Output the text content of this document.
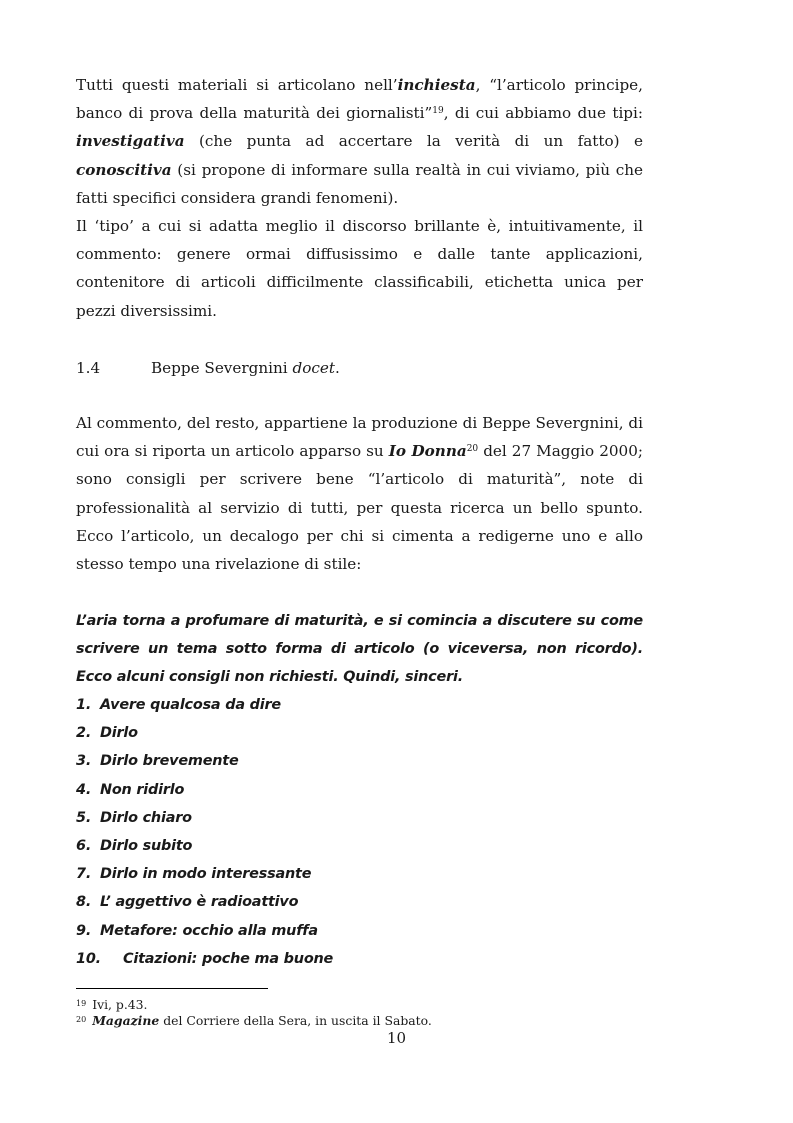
Tutti questi materiali si articolano nell’inchiesta, “l’articolo principe, banco di prova della maturità dei giornalisti”$^{19}$, di cui abbiamo due tipi: investigativa (che punta ad accertare la verità di un fatto) e conoscitiva (si propone di informare sulla realtà in cui viviamo, più che fatti specifici considera grandi fenomeni).

Il ‘tipo’ a cui si adatta meglio il discorso brillante è, intuitivamente, il commento: genere ormai diffusissimo e dalle tante applicazioni, contenitore di articoli difficilmente classificabili, etichetta unica per pezzi diversissimi.

1.4	Beppe Severgnini docet.

Al commento, del resto, appartiene la produzione di Beppe Severgnini, di cui ora si riporta un articolo apparso su Io Donna$^{20}$ del 27 Maggio 2000; sono consigli per scrivere bene “l’articolo di maturità”, note di professionalità al servizio di tutti, per questa ricerca un bello spunto. Ecco l’articolo, un decalogo per chi si cimenta a redigerne uno e allo stesso tempo una rivelazione di stile:

L’aria torna a profumare di maturità, e si comincia a discutere su come scrivere un tema sotto forma di articolo (o viceversa, non ricordo). Ecco alcuni consigli non richiesti. Quindi, sinceri.

1. Avere qualcosa da dire
2. Dirlo
3. Dirlo brevemente
4. Non ridirlo
5. Dirlo chiaro
6. Dirlo subito
7. Dirlo in modo interessante
8. L’ aggettivo è radioattivo
9. Metafore: occhio alla muffa
10.	Citazioni: poche ma buone
$^{19}$ Ivi, p.43.
$^{20}$ Magazine del Corriere della Sera, in uscita il Sabato.
10
